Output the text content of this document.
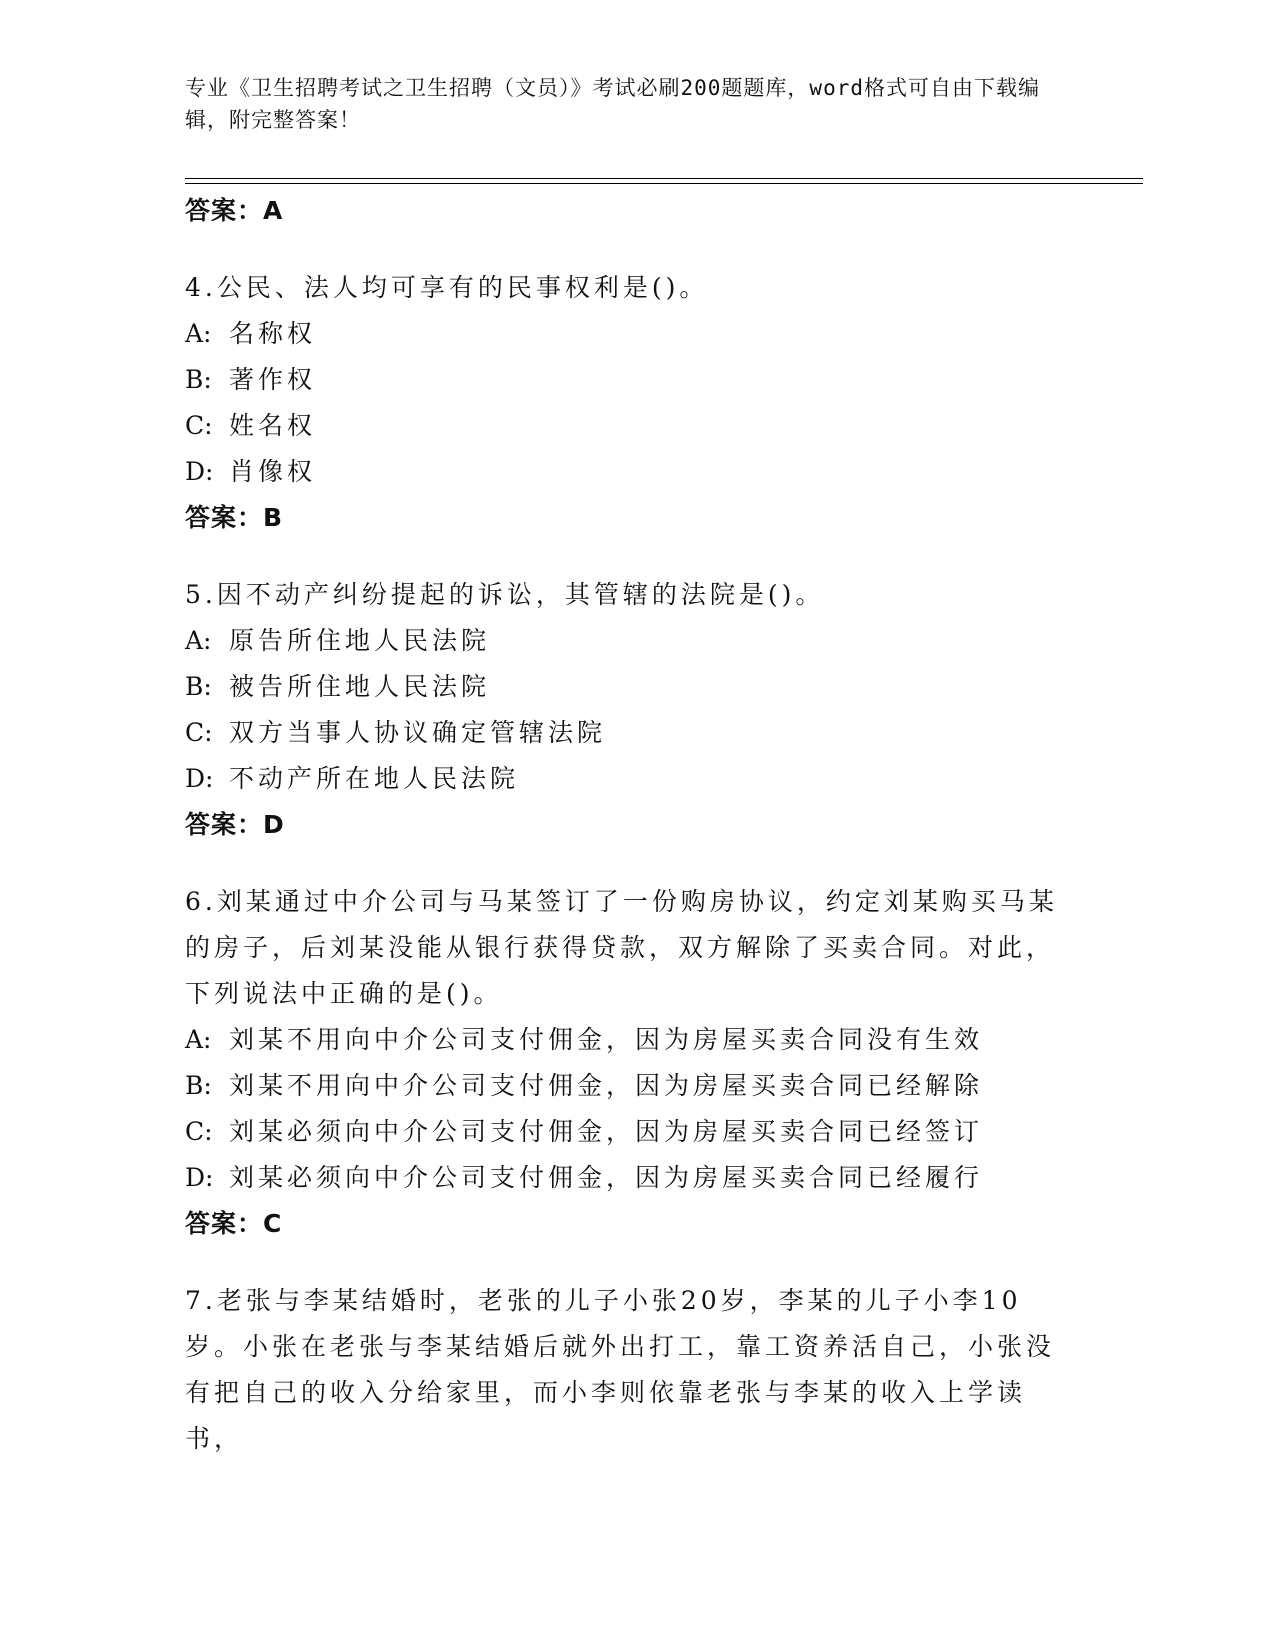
专业《卫生招聘考试之卫生招聘（文员）》考试必刷200题题库，word格式可自由下载编辑，附完整答案！
答案：A
4.公民、法人均可享有的民事权利是()。
A: 名称权
B: 著作权
C: 姓名权
D: 肖像权
答案：B
5.因不动产纠纷提起的诉讼，其管辖的法院是()。
A: 原告所住地人民法院
B: 被告所住地人民法院
C: 双方当事人协议确定管辖法院
D: 不动产所在地人民法院
答案：D
6.刘某通过中介公司与马某签订了一份购房协议，约定刘某购买马某的房子，后刘某没能从银行获得贷款，双方解除了买卖合同。对此，下列说法中正确的是()。
A: 刘某不用向中介公司支付佣金，因为房屋买卖合同没有生效
B: 刘某不用向中介公司支付佣金，因为房屋买卖合同已经解除
C: 刘某必须向中介公司支付佣金，因为房屋买卖合同已经签订
D: 刘某必须向中介公司支付佣金，因为房屋买卖合同已经履行
答案：C
7.老张与李某结婚时，老张的儿子小张20岁，李某的儿子小李10岁。小张在老张与李某结婚后就外出打工，靠工资养活自己，小张没有把自己的收入分给家里，而小李则依靠老张与李某的收入上学读书，
